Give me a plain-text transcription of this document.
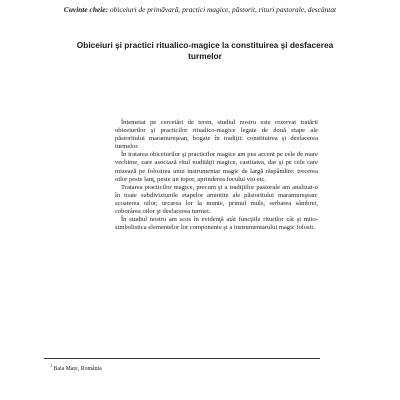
Cuvinte cheie: obiceiuri de primăvară, practici magice, păstorit, rituri pastorale, descântat
Obiceiuri şi practici ritualico-magice la constituirea şi desfacerea turmelor

Întemeiat pe cercetări de teren, studiul nostru este rezervat tratării obiceiurilor şi practicilor ritualico-magice legate de două etape ale păstoritului maramureşean, bogate în tradiţii: constituirea şi desfacerea turmelor.

În tratarea obiceiurilor şi practicilor magice am pus accent pe cele de mare vechime, care asociază ritul nudităţii magice, castitatea, dar şi pe cele care mizează pe folosirea unui instrumentar magic de largă răspândire: trecerea oilor peste lanţ, peste un topor, aprinderea focului viu etc.

Tratarea practicilor magice, precum şi a tradiţiilor pastorale am analizat-o în toate subdiviziunile etapelor amintite ale păstoritului maramureşean: scoaterea oilor, urcarea lor la munte, primul muls, serbarea sâmbrei, coborârea oilor şi desfacerea turmei.

În studiul nostru am scos în evidenţă atât funcţiile riturilor cât şi mito-simbolistica elementelor lor componente şi a instrumentarului magic folosit.

$^1$ Baia Mare, România
